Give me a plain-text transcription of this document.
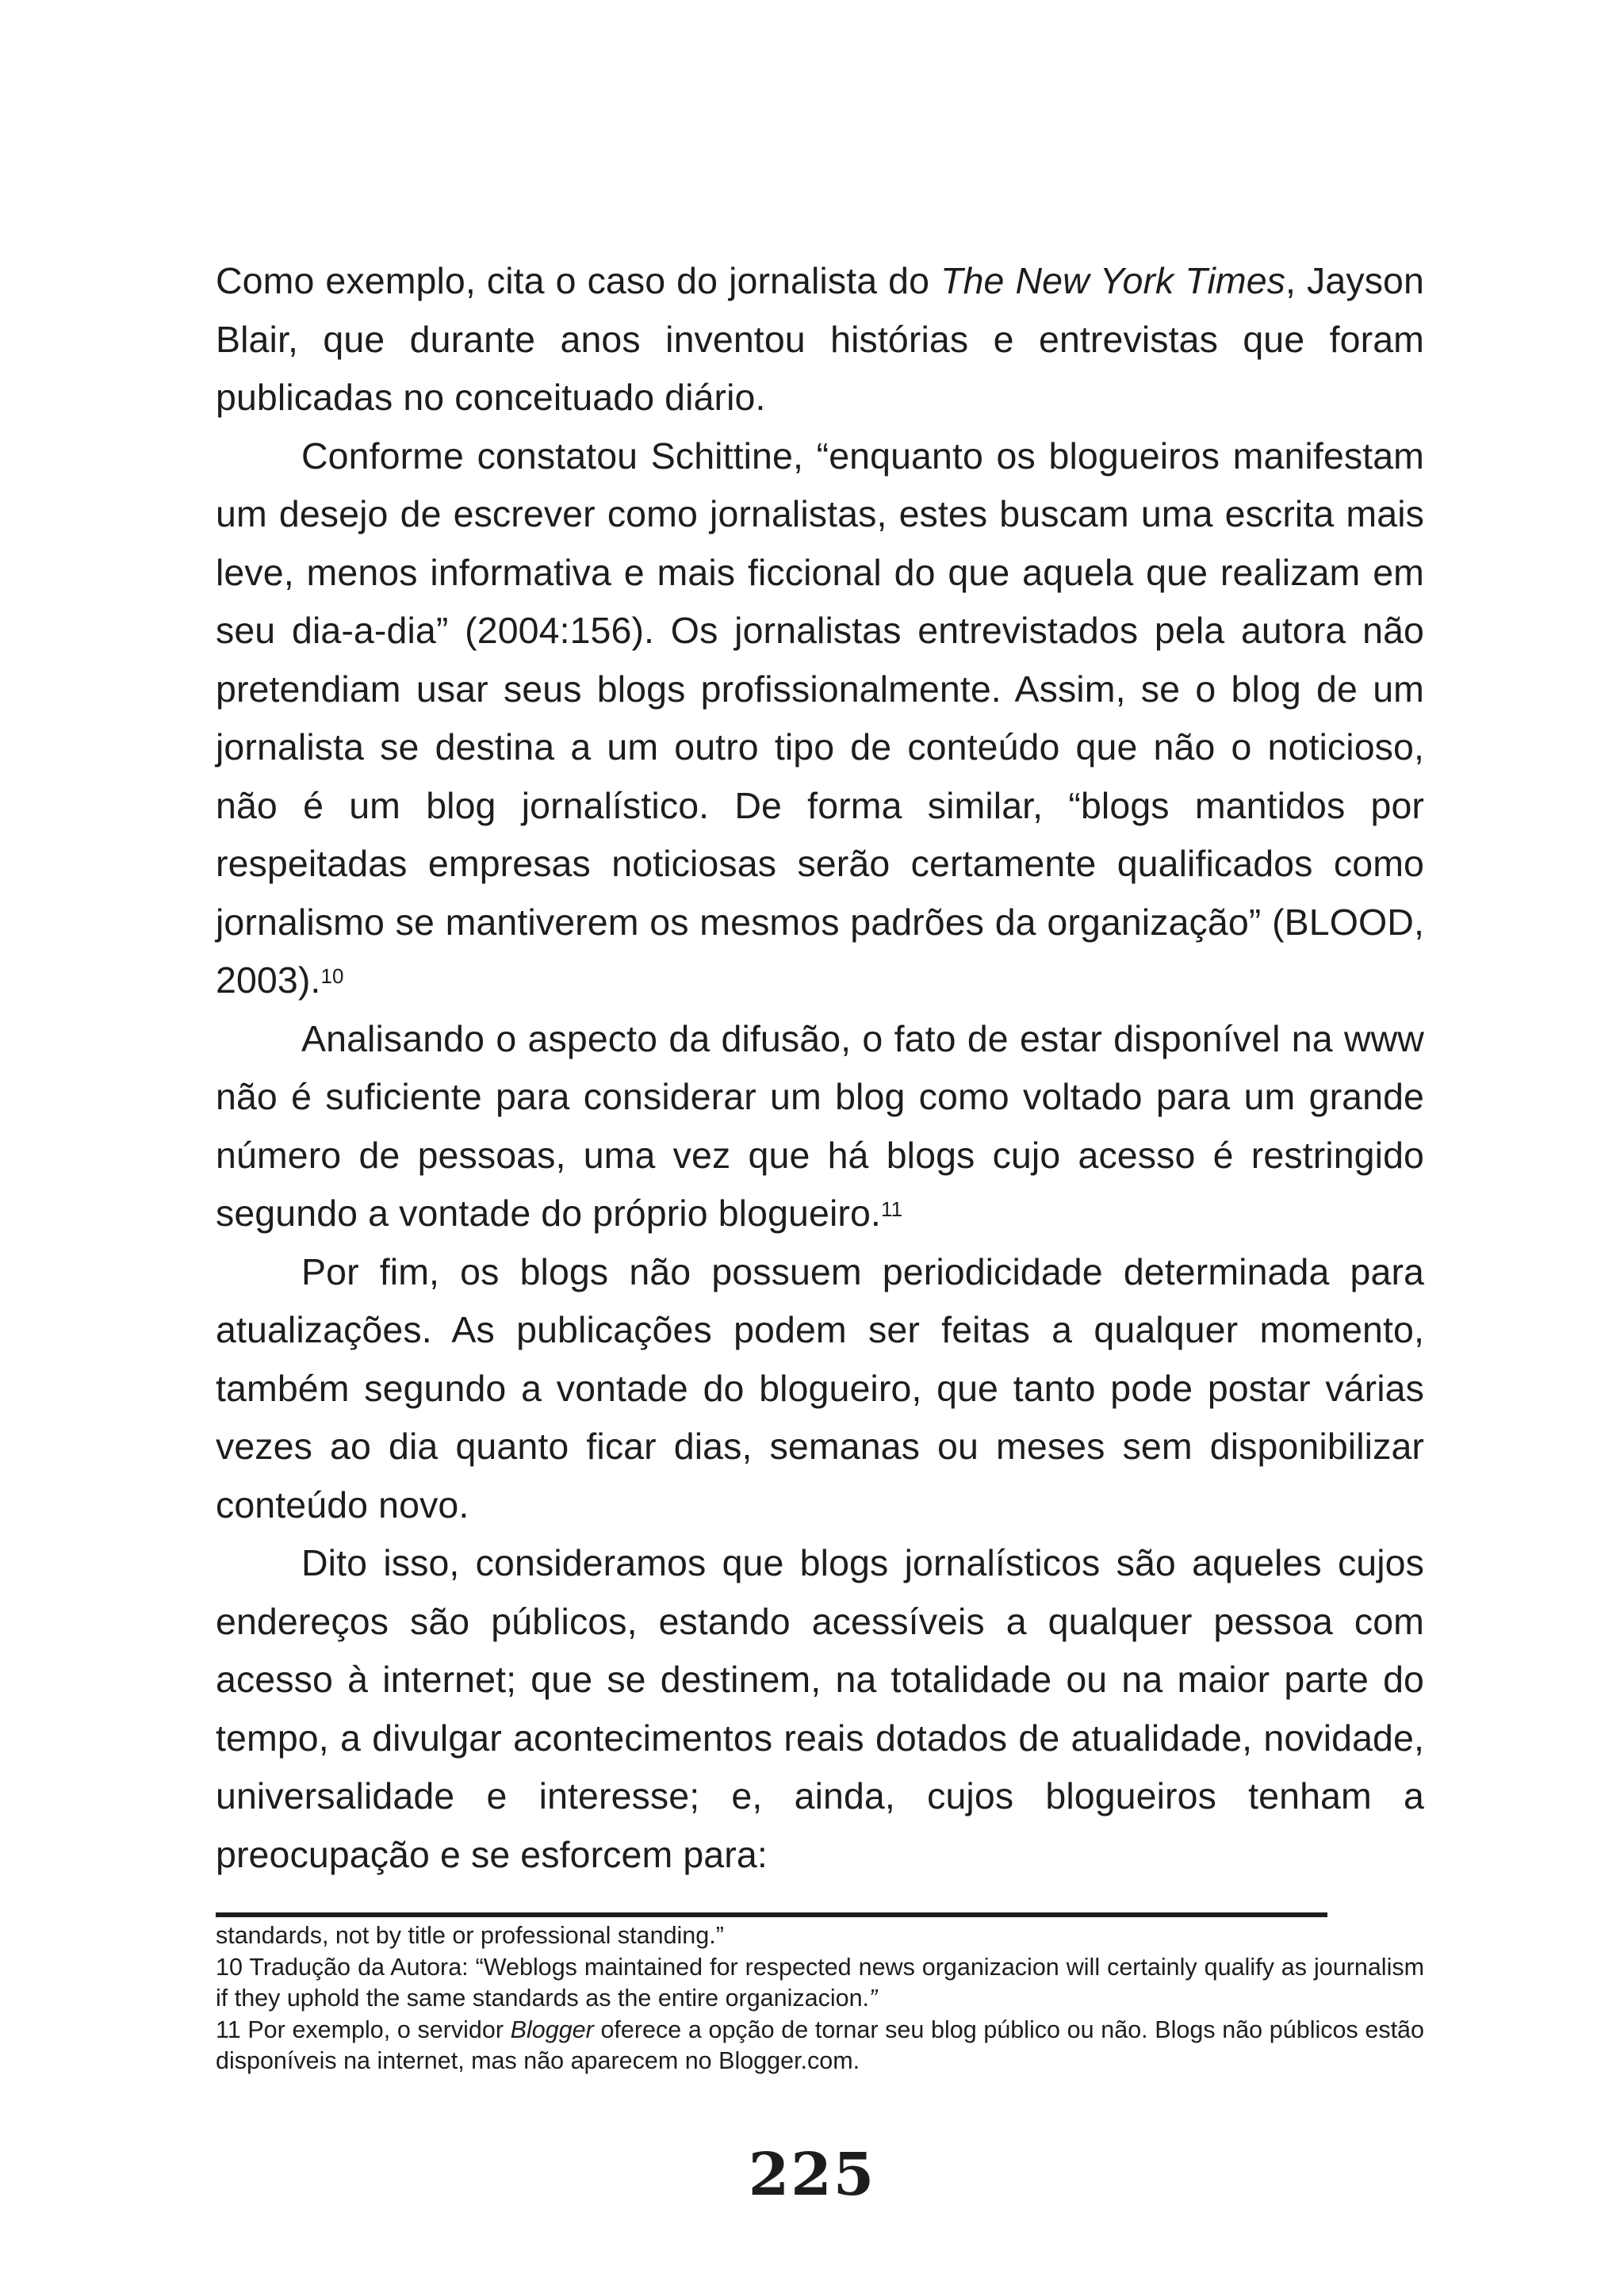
Como exemplo, cita o caso do jornalista do The New York Times, Jayson Blair, que durante anos inventou histórias e entrevistas que foram publicadas no conceituado diário.

Conforme constatou Schittine, “enquanto os blogueiros manifestam um desejo de escrever como jornalistas, estes buscam uma escrita mais leve, menos informativa e mais ficcional do que aquela que realizam em seu dia-a-dia” (2004:156). Os jornalistas entrevistados pela autora não pretendiam usar seus blogs profissionalmente. Assim, se o blog de um jornalista se destina a um outro tipo de conteúdo que não o noticioso, não é um blog jornalístico. De forma similar, “blogs mantidos por respeitadas empresas noticiosas serão certamente qualificados como jornalismo se mantiverem os mesmos padrões da organização” (BLOOD, 2003).$^{10}$

Analisando o aspecto da difusão, o fato de estar disponível na www não é suficiente para considerar um blog como voltado para um grande número de pessoas, uma vez que há blogs cujo acesso é restringido segundo a vontade do próprio blogueiro.$^{11}$

Por fim, os blogs não possuem periodicidade determinada para atualizações. As publicações podem ser feitas a qualquer momento, também segundo a vontade do blogueiro, que tanto pode postar várias vezes ao dia quanto ficar dias, semanas ou meses sem disponibilizar conteúdo novo.

Dito isso, consideramos que blogs jornalísticos são aqueles cujos endereços são públicos, estando acessíveis a qualquer pessoa com acesso à internet; que se destinem, na totalidade ou na maior parte do tempo, a divulgar acontecimentos reais dotados de atualidade, novidade, universalidade e interesse; e, ainda, cujos blogueiros tenham a preocupação e se esforcem para:

standards, not by title or professional standing.”

10 Tradução da Autora: “Weblogs maintained for respected news organizacion will certainly qualify as journalism if they uphold the same standards as the entire organizacion.”

11 Por exemplo, o servidor Blogger oferece a opção de tornar seu blog público ou não. Blogs não públicos estão disponíveis na internet, mas não aparecem no Blogger.com.

225
